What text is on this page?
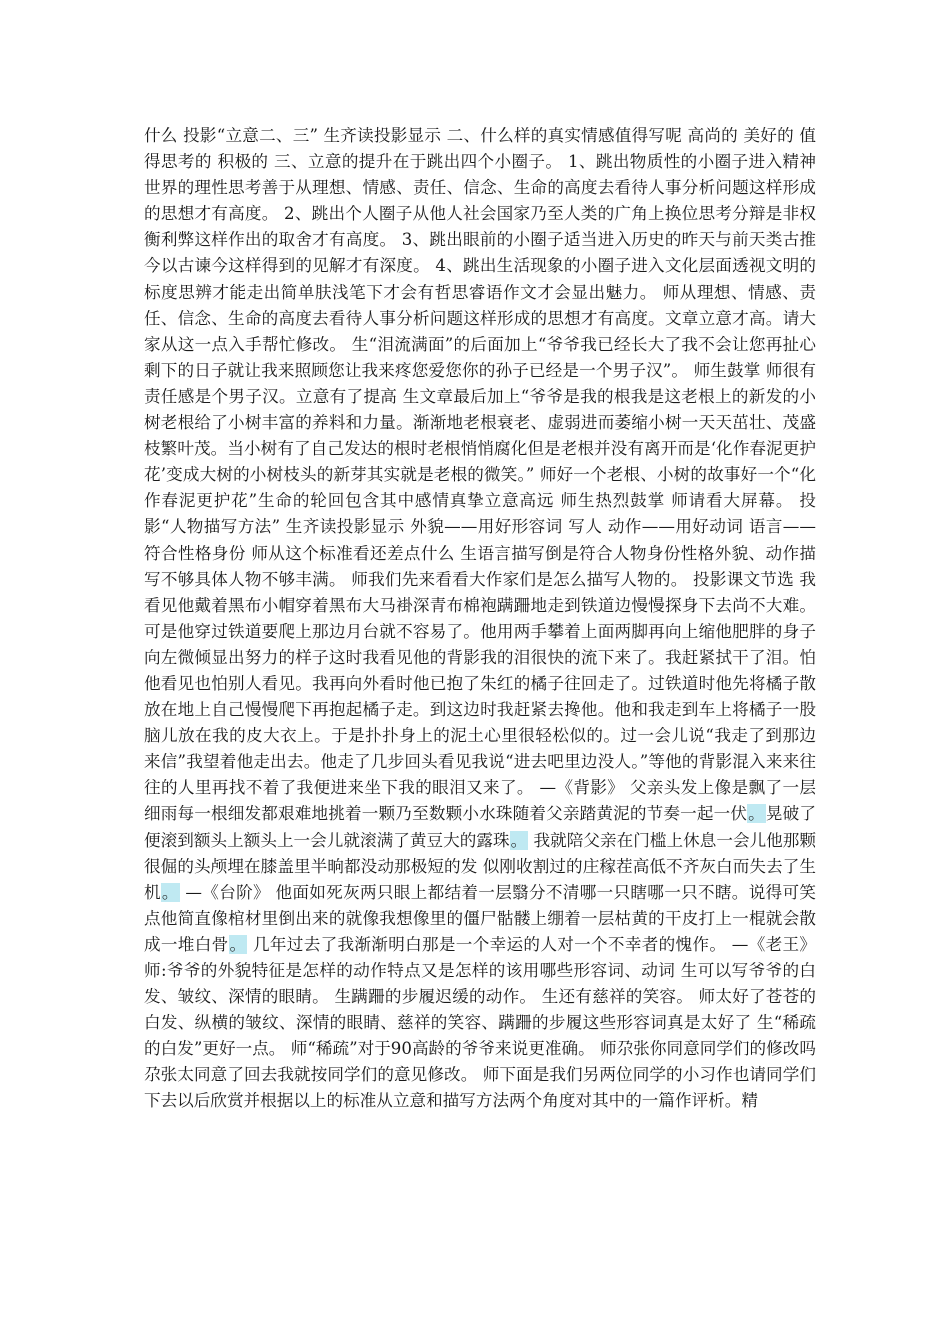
什么 投影“立意二、三” 生齐读投影显示 二、什么样的真实情感值得写呢 高尚的 美好的 值得思考的 积极的 三、立意的提升在于跳出四个小圈子。 1、跳出物质性的小圈子进入精神世界的理性思考善于从理想、情感、责任、信念、生命的高度去看待人事分析问题这样形成的思想才有高度。 2、跳出个人圈子从他人社会国家乃至人类的广角上换位思考分辩是非权衡利弊这样作出的取舍才有高度。 3、跳出眼前的小圈子适当进入历史的昨天与前天类古推今以古谏今这样得到的见解才有深度。 4、跳出生活现象的小圈子进入文化层面透视文明的标度思辨才能走出简单肤浅笔下才会有哲思睿语作文才会显出魅力。 师从理想、情感、责任、信念、生命的高度去看待人事分析问题这样形成的思想才有高度。文章立意才高。请大家从这一点入手帮忙修改。 生“泪流满面”的后面加上“爷爷我已经长大了我不会让您再扯心剩下的日子就让我来照顾您让我来疼您爱您你的孙子已经是一个男子汉”。 师生鼓掌 师很有责任感是个男子汉。立意有了提高 生文章最后加上“爷爷是我的根我是这老根上的新发的小树老根给了小树丰富的养料和力量。渐渐地老根衰老、虚弱进而萎缩小树一天天茁壮、茂盛枝繁叶茂。当小树有了自己发达的根时老根悄悄腐化但是老根并没有离开而是‘化作春泥更护花’变成大树的小树枝头的新芽其实就是老根的微笑。” 师好一个老根、小树的故事好一个“化作春泥更护花”生命的轮回包含其中感情真挚立意高远 师生热烈鼓掌 师请看大屏幕。 投影“人物描写方法” 生齐读投影显示 外貌——用好形容词 写人 动作——用好动词 语言——符合性格身份 师从这个标准看还差点什么 生语言描写倒是符合人物身份性格外貌、动作描写不够具体人物不够丰满。 师我们先来看看大作家们是怎么描写人物的。 投影课文节选 我看见他戴着黑布小帽穿着黑布大马褂深青布棉袍蹒跚地走到铁道边慢慢探身下去尚不大难。可是他穿过铁道要爬上那边月台就不容易了。他用两手攀着上面两脚再向上缩他肥胖的身子向左微倾显出努力的样子这时我看见他的背影我的泪很快的流下来了。我赶紧拭干了泪。怕他看见也怕别人看见。我再向外看时他已抱了朱红的橘子往回走了。过铁道时他先将橘子散放在地上自己慢慢爬下再抱起橘子走。到这边时我赶紧去搀他。他和我走到车上将橘子一股脑儿放在我的皮大衣上。于是扑扑身上的泥土心里很轻松似的。过一会儿说“我走了到那边来信”我望着他走出去。他走了几步回头看见我说“进去吧里边没人。”等他的背影混入来来往往的人里再找不着了我便进来坐下我的眼泪又来了。 —《背影》 父亲头发上像是飘了一层细雨每一根细发都艰难地挑着一颗乃至数颗小水珠随着父亲踏黄泥的节奏一起一伏。晃破了便滚到额头上额头上一会儿就滚满了黄豆大的露珠。 我就陪父亲在门槛上休息一会儿他那颗很倔的头颅埋在膝盖里半晌都没动那极短的发 似刚收割过的庄稼茬高低不齐灰白而失去了生机。 —《台阶》 他面如死灰两只眼上都结着一层翳分不清哪一只瞎哪一只不瞎。说得可笑点他简直像棺材里倒出来的就像我想像里的僵尸骷髅上绷着一层枯黄的干皮打上一棍就会散成一堆白骨。 几年过去了我渐渐明白那是一个幸运的人对一个不幸者的愧作。 —《老王》 师:爷爷的外貌特征是怎样的动作特点又是怎样的该用哪些形容词、动词 生可以写爷爷的白发、皱纹、深情的眼睛。 生蹒跚的步履迟缓的动作。 生还有慈祥的笑容。 师太好了苍苍的白发、纵横的皱纹、深情的眼睛、慈祥的笑容、蹒跚的步履这些形容词真是太好了 生“稀疏的白发”更好一点。 师“稀疏”对于90高龄的爷爷来说更准确。 师尕张你同意同学们的修改吗 尕张太同意了回去我就按同学们的意见修改。 师下面是我们另两位同学的小习作也请同学们下去以后欣赏并根据以上的标准从立意和描写方法两个角度对其中的一篇作评析。精
